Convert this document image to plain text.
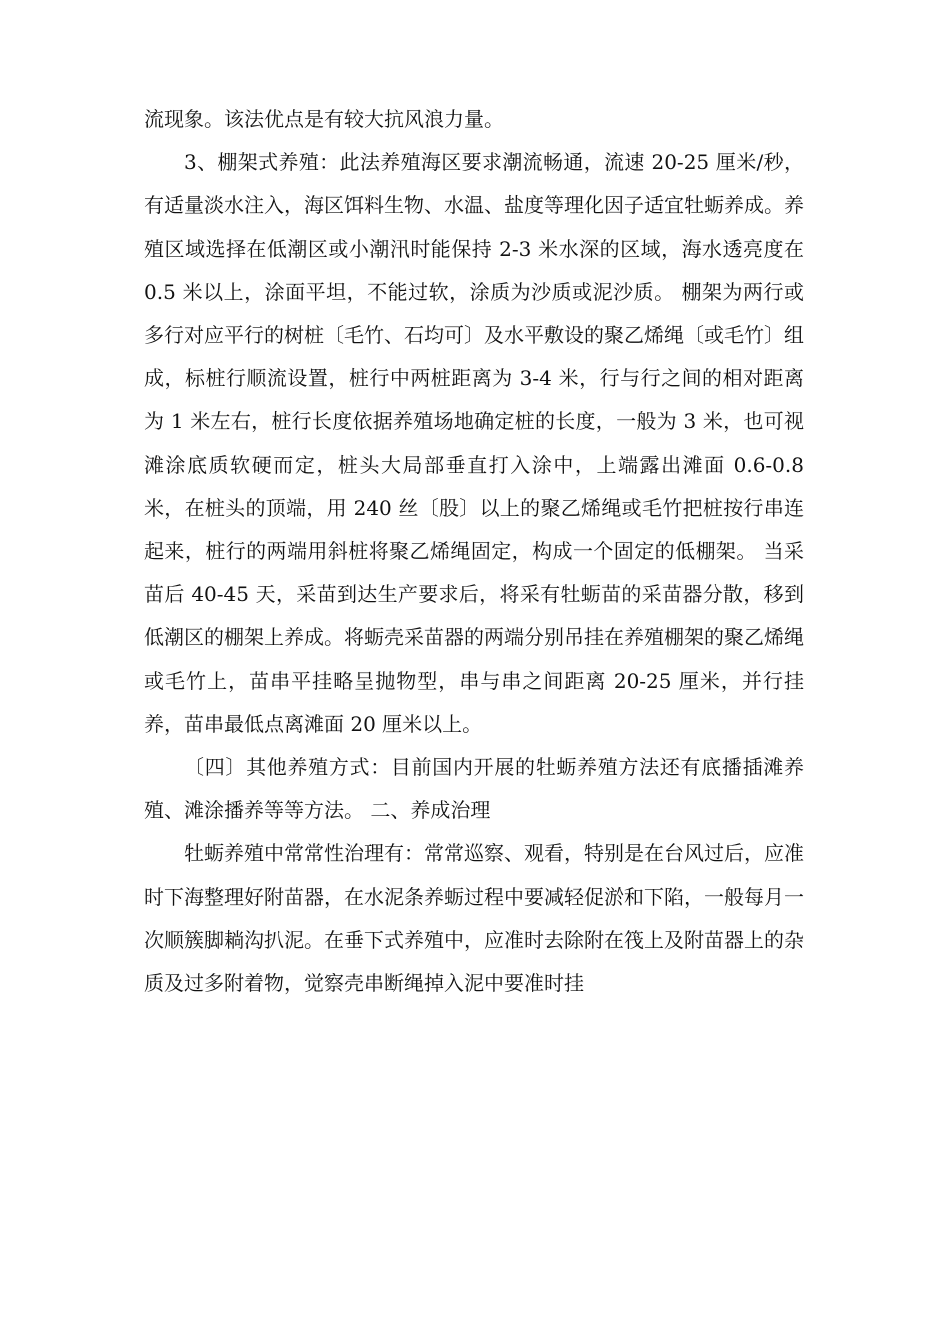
流现象。该法优点是有较大抗风浪力量。

3、棚架式养殖：此法养殖海区要求潮流畅通，流速 20-25 厘米/秒，有适量淡水注入，海区饵料生物、水温、盐度等理化因子适宜牡蛎养成。养殖区域选择在低潮区或小潮汛时能保持 2-3 米水深的区域，海水透亮度在 0.5 米以上，涂面平坦，不能过软，涂质为沙质或泥沙质。 棚架为两行或多行对应平行的树桩〔毛竹、石均可〕及水平敷设的聚乙烯绳〔或毛竹〕组成，标桩行顺流设置，桩行中两桩距离为 3-4 米，行与行之间的相对距离为 1 米左右，桩行长度依据养殖场地确定桩的长度，一般为 3 米，也可视滩涂底质软硬而定，桩头大局部垂直打入涂中，上端露出滩面 0.6-0.8 米，在桩头的顶端，用 240 丝〔股〕以上的聚乙烯绳或毛竹把桩按行串连起来，桩行的两端用斜桩将聚乙烯绳固定，构成一个固定的低棚架。 当采苗后 40-45 天，采苗到达生产要求后，将采有牡蛎苗的采苗器分散，移到低潮区的棚架上养成。将蛎壳采苗器的两端分别吊挂在养殖棚架的聚乙烯绳或毛竹上，苗串平挂略呈抛物型，串与串之间距离 20-25 厘米，并行挂养，苗串最低点离滩面 20 厘米以上。

〔四〕其他养殖方式：目前国内开展的牡蛎养殖方法还有底播插滩养殖、滩涂播养等等方法。 二、养成治理

牡蛎养殖中常常性治理有：常常巡察、观看，特别是在台风过后，应准时下海整理好附苗器，在水泥条养蛎过程中要减轻促淤和下陷，一般每月一次顺簇脚耥沟扒泥。在垂下式养殖中，应准时去除附在筏上及附苗器上的杂质及过多附着物，觉察壳串断绳掉入泥中要准时挂
